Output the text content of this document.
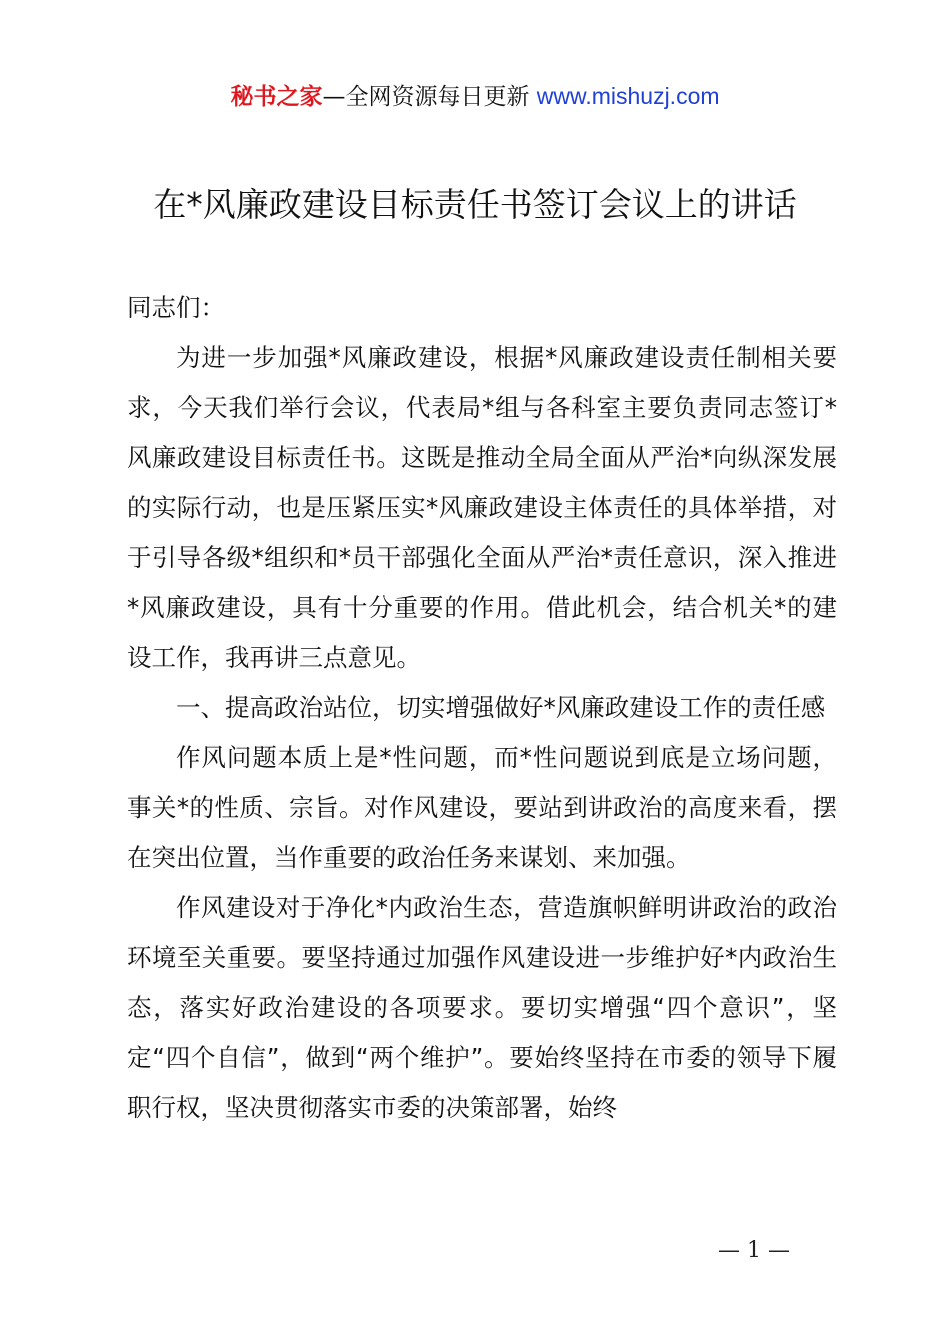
秘书之家—全网资源每日更新 www.mishuzj.com
在*风廉政建设目标责任书签订会议上的讲话

同志们：

为进一步加强*风廉政建设，根据*风廉政建设责任制相关要求，今天我们举行会议，代表局*组与各科室主要负责同志签订*风廉政建设目标责任书。这既是推动全局全面从严治*向纵深发展的实际行动，也是压紧压实*风廉政建设主体责任的具体举措，对于引导各级*组织和*员干部强化全面从严治*责任意识，深入推进*风廉政建设，具有十分重要的作用。借此机会，结合机关*的建设工作，我再讲三点意见。

一、提高政治站位，切实增强做好*风廉政建设工作的责任感

作风问题本质上是*性问题，而*性问题说到底是立场问题，事关*的性质、宗旨。对作风建设，要站到讲政治的高度来看，摆在突出位置，当作重要的政治任务来谋划、来加强。

作风建设对于净化*内政治生态，营造旗帜鲜明讲政治的政治环境至关重要。要坚持通过加强作风建设进一步维护好*内政治生态，落实好政治建设的各项要求。要切实增强“四个意识”，坚定“四个自信”，做到“两个维护”。要始终坚持在市委的领导下履职行权，坚决贯彻落实市委的决策部署，始终

— 1 —
